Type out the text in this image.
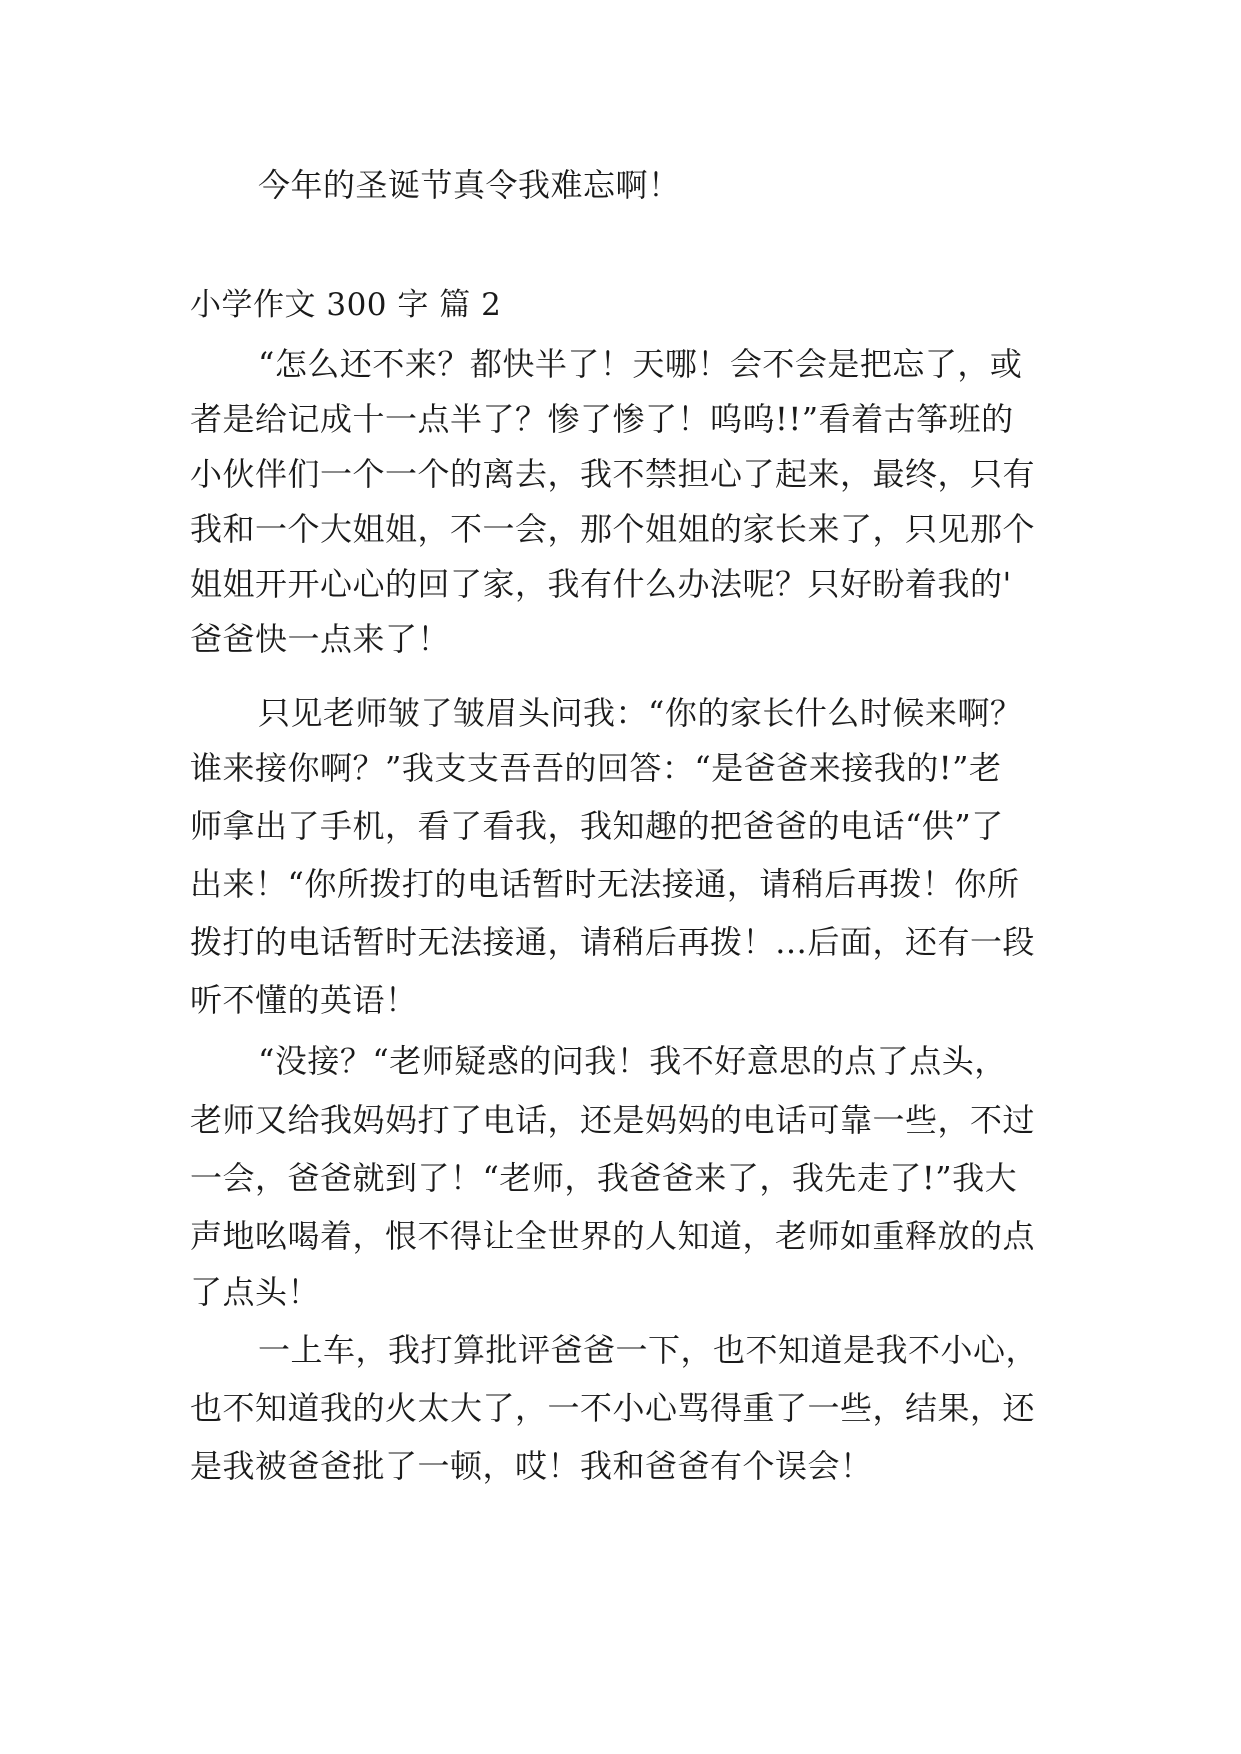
今年的圣诞节真令我难忘啊！
小学作文 300 字 篇 2
“怎么还不来？都快半了！天哪！会不会是把忘了，或
者是给记成十一点半了？惨了惨了！呜呜!!”看着古筝班的
小伙伴们一个一个的离去，我不禁担心了起来，最终，只有
我和一个大姐姐，不一会，那个姐姐的家长来了，只见那个
姐姐开开心心的回了家，我有什么办法呢？只好盼着我的'
爸爸快一点来了！
只见老师皱了皱眉头问我：“你的家长什么时候来啊？
谁来接你啊？”我支支吾吾的回答：“是爸爸来接我的!”老
师拿出了手机，看了看我，我知趣的把爸爸的电话“供”了
出来！“你所拨打的电话暂时无法接通，请稍后再拨！你所
拨打的电话暂时无法接通，请稍后再拨！…后面，还有一段
听不懂的英语！
“没接？“老师疑惑的问我！我不好意思的点了点头，
老师又给我妈妈打了电话，还是妈妈的电话可靠一些，不过
一会，爸爸就到了！“老师，我爸爸来了，我先走了!”我大
声地吆喝着，恨不得让全世界的人知道，老师如重释放的点
了点头！
一上车，我打算批评爸爸一下，也不知道是我不小心，
也不知道我的火太大了，一不小心骂得重了一些，结果，还
是我被爸爸批了一顿，哎！我和爸爸有个误会！
